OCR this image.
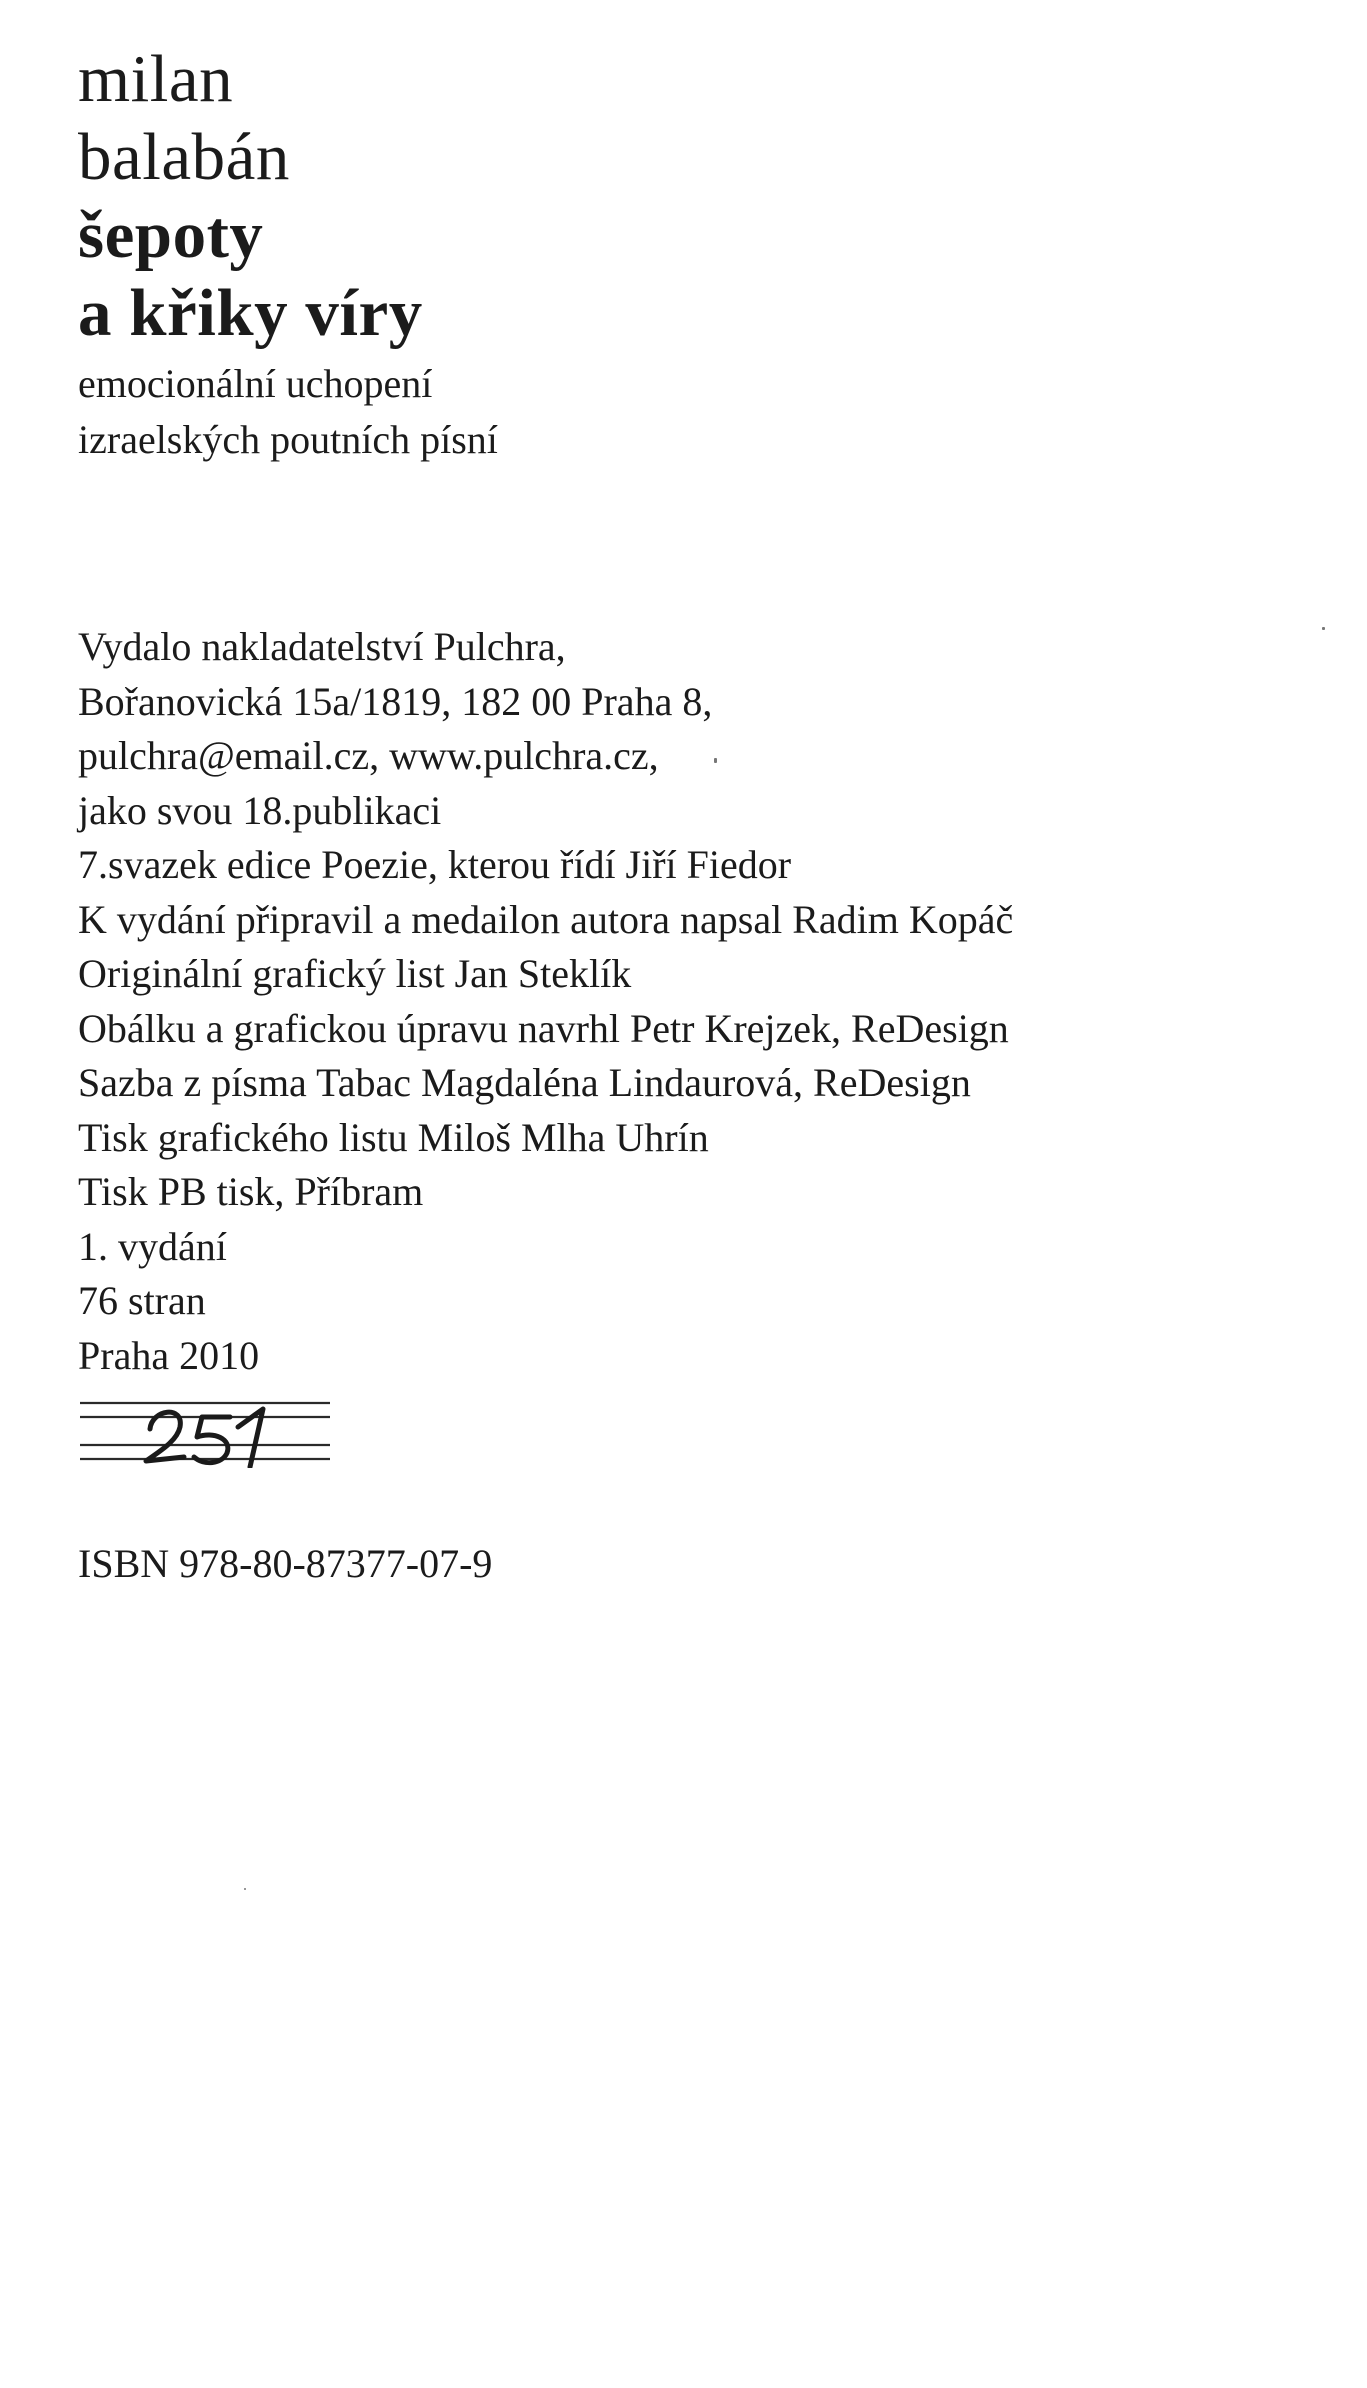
milan
balabán
šepoty
a křiky víry
emocionální uchopení
izraelských poutních písní
Vydalo nakladatelství Pulchra,
Bořanovická 15a/1819, 182 00 Praha 8,
pulchra@email.cz, www.pulchra.cz,
jako svou 18.publikaci
7.svazek edice Poezie, kterou řídí Jiří Fiedor
K vydání připravil a medailon autora napsal Radim Kopáč
Originální grafický list Jan Steklík
Obálku a grafickou úpravu navrhl Petr Krejzek, ReDesign
Sazba z písma Tabac Magdaléna Lindaurová, ReDesign
Tisk grafického listu Miloš Mlha Uhrín
Tisk PB tisk, Příbram
1. vydání
76 stran
Praha 2010
ISBN 978-80-87377-07-9
